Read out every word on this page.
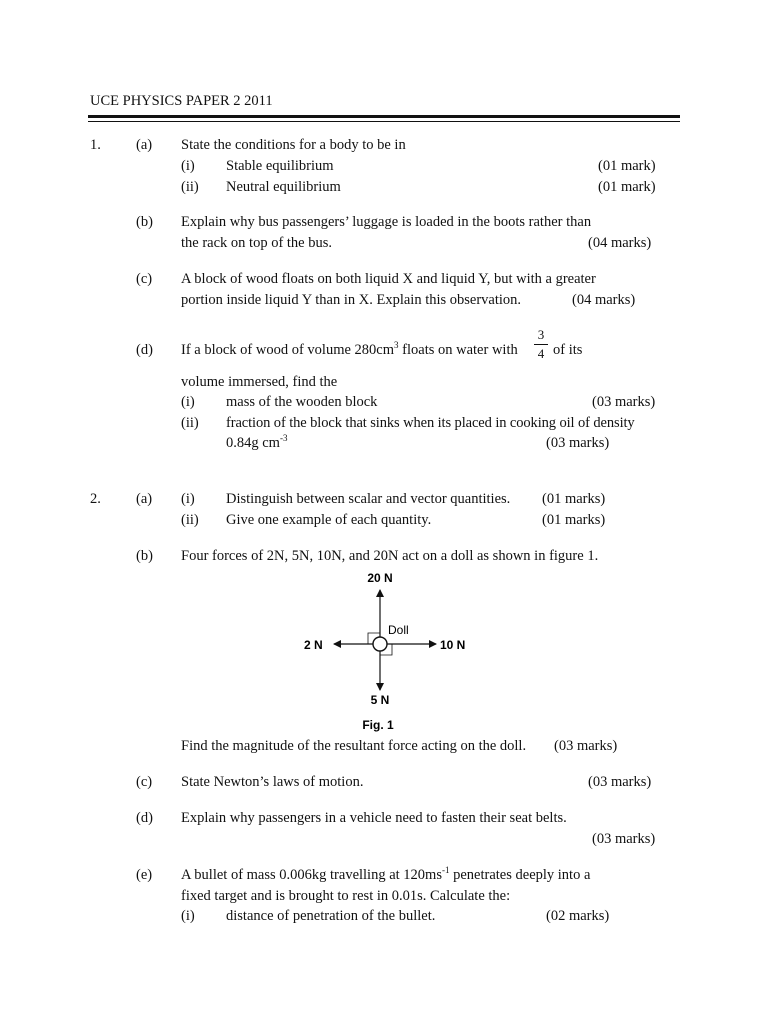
UCE PHYSICS PAPER 2 2011
1. (a) State the conditions for a body to be in
(i) Stable equilibrium	(01 mark)
(ii) Neutral equilibrium	(01 mark)
(b) Explain why bus passengers’ luggage is loaded in the boots rather than
the rack on top of the bus.	(04 marks)
(c) A block of wood floats on both liquid X and liquid Y, but with a greater
portion inside liquid Y than in X. Explain this observation.	(04 marks)
(d) If a block of wood of volume $280cm^3$ floats on water with
3
4 of its
volume immersed, find the
(i) mass of the wooden block	(03 marks)
(ii) fraction of the block that sinks when its placed in cooking oil of density
0.84g $cm^{-3}$	(03 marks)
2. (a) (i) Distinguish between scalar and vector quantities. (01 marks)
(ii) Give one example of each quantity.	(01 marks)
(b) Four forces of 2N, 5N, 10N, and 20N act on a doll as shown in figure 1.
20 N
Doll
2 N	10 N
5 N
Fig. 1
Find the magnitude of the resultant force acting on the doll. (03 marks)
(c) State Newton’s laws of motion.	(03 marks)
(d) Explain why passengers in a vehicle need to fasten their seat belts.
(03 marks)
(e) A bullet of mass 0.006kg travelling at $120ms^{-1}$ penetrates deeply into a
fixed target and is brought to rest in 0.01s. Calculate the:
(i) distance of penetration of the bullet.	(02 marks)
